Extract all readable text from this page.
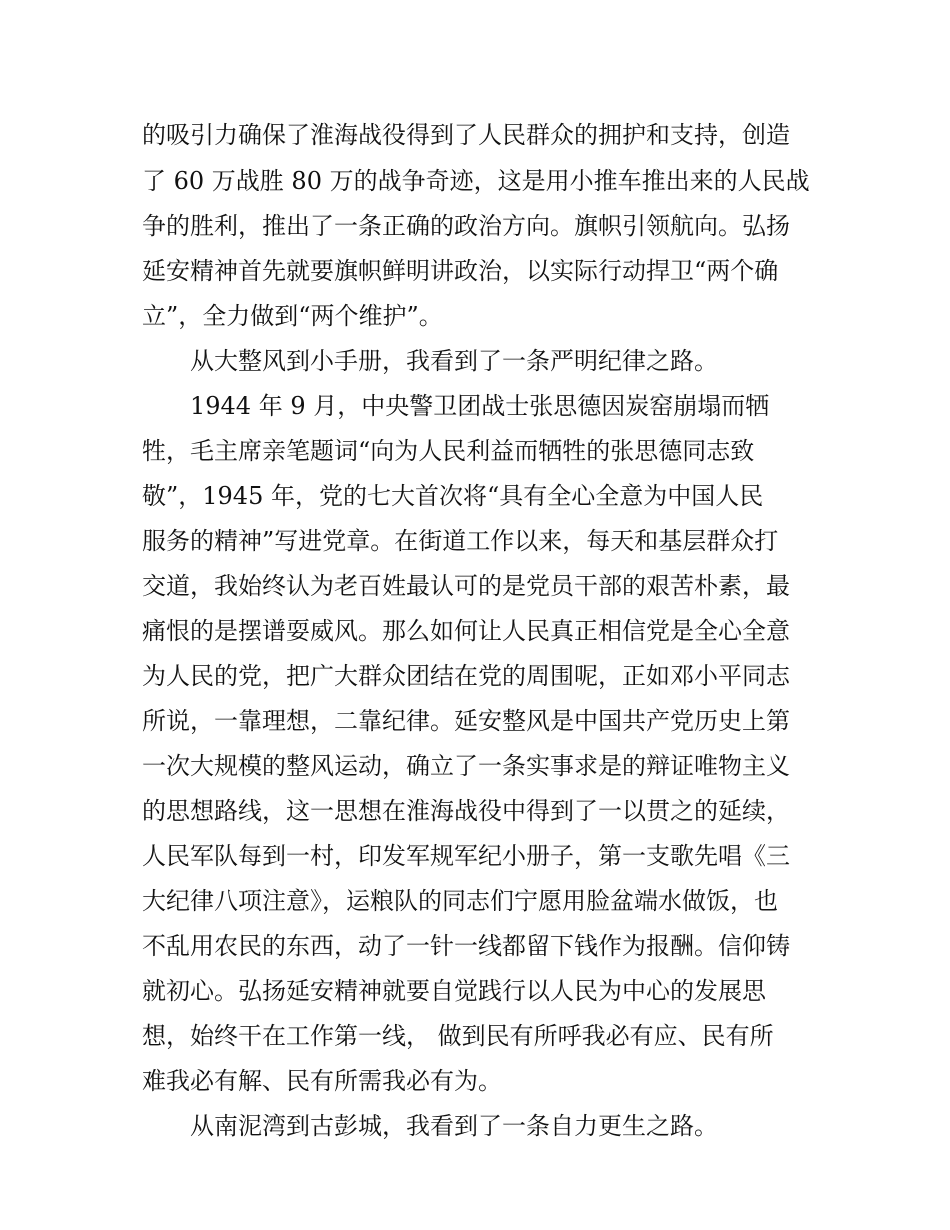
的吸引力确保了淮海战役得到了人民群众的拥护和支持，创造
了 60 万战胜 80 万的战争奇迹，这是用小推车推出来的人民战
争的胜利，推出了一条正确的政治方向。旗帜引领航向。弘扬
延安精神首先就要旗帜鲜明讲政治，以实际行动捍卫“两个确
立”，全力做到“两个维护”。
从大整风到小手册，我看到了一条严明纪律之路。
1944 年 9 月，中央警卫团战士张思德因炭窑崩塌而牺
牲，毛主席亲笔题词“向为人民利益而牺牲的张思德同志致
敬”，1945 年，党的七大首次将“具有全心全意为中国人民
服务的精神”写进党章。在街道工作以来，每天和基层群众打
交道，我始终认为老百姓最认可的是党员干部的艰苦朴素，最
痛恨的是摆谱耍威风。那么如何让人民真正相信党是全心全意
为人民的党，把广大群众团结在党的周围呢，正如邓小平同志
所说，一靠理想，二靠纪律。延安整风是中国共产党历史上第
一次大规模的整风运动，确立了一条实事求是的辩证唯物主义
的思想路线，这一思想在淮海战役中得到了一以贯之的延续，
人民军队每到一村，印发军规军纪小册子，第一支歌先唱《三
大纪律八项注意》，运粮队的同志们宁愿用脸盆端水做饭，也
不乱用农民的东西，动了一针一线都留下钱作为报酬。信仰铸
就初心。弘扬延安精神就要自觉践行以人民为中心的发展思
想，始终干在工作第一线， 做到民有所呼我必有应、民有所
难我必有解、民有所需我必有为。
从南泥湾到古彭城，我看到了一条自力更生之路。
